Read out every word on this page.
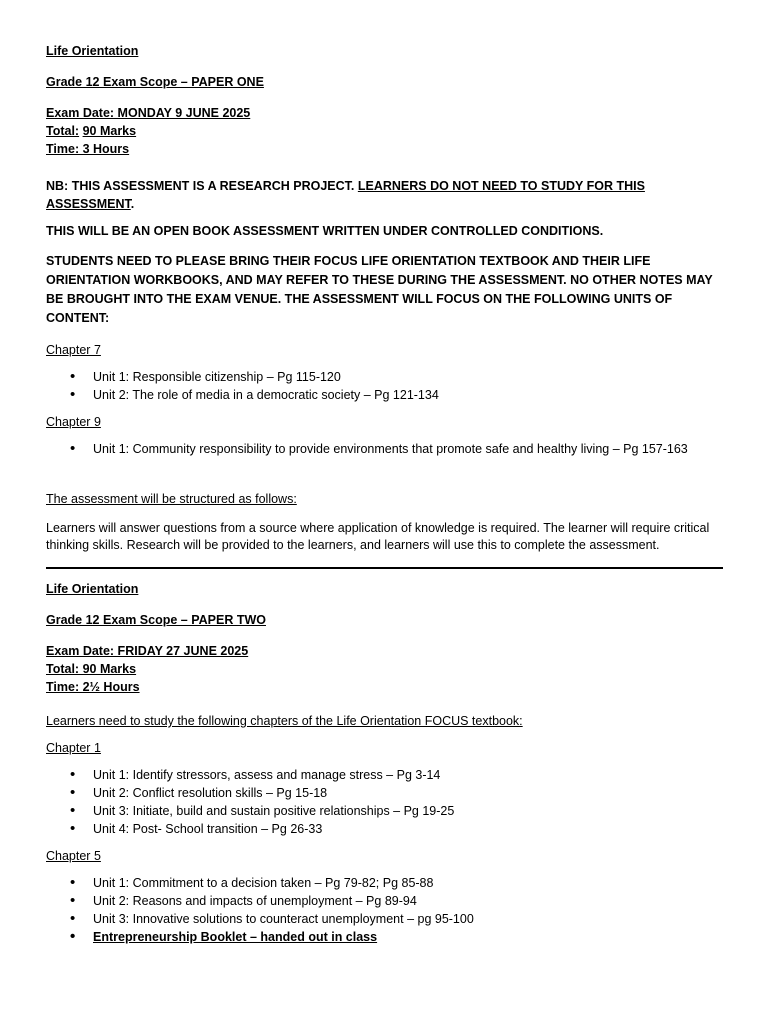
Life Orientation

Grade 12 Exam Scope – PAPER ONE

Exam Date: MONDAY 9 JUNE 2025

Total: 90 Marks

Time: 3 Hours

NB: THIS ASSESSMENT IS A RESEARCH PROJECT. LEARNERS DO NOT NEED TO STUDY FOR THIS ASSESSMENT.

THIS WILL BE AN OPEN BOOK ASSESSMENT WRITTEN UNDER CONTROLLED CONDITIONS.

STUDENTS NEED TO PLEASE BRING THEIR FOCUS LIFE ORIENTATION TEXTBOOK AND THEIR LIFE ORIENTATION WORKBOOKS, AND MAY REFER TO THESE DURING THE ASSESSMENT. NO OTHER NOTES MAY BE BROUGHT INTO THE EXAM VENUE. THE ASSESSMENT WILL FOCUS ON THE FOLLOWING UNITS OF CONTENT:

Chapter 7

• Unit 1: Responsible citizenship – Pg 115-120
• Unit 2: The role of media in a democratic society – Pg 121-134

Chapter 9

• Unit 1: Community responsibility to provide environments that promote safe and healthy living – Pg 157-163

The assessment will be structured as follows:

Learners will answer questions from a source where application of knowledge is required. The learner will require critical thinking skills. Research will be provided to the learners, and learners will use this to complete the assessment.

Life Orientation

Grade 12 Exam Scope – PAPER TWO

Exam Date: FRIDAY 27 JUNE 2025

Total: 90 Marks

Time: 2½ Hours

Learners need to study the following chapters of the Life Orientation FOCUS textbook:

Chapter 1

• Unit 1: Identify stressors, assess and manage stress – Pg 3-14
• Unit 2: Conflict resolution skills – Pg 15-18
• Unit 3: Initiate, build and sustain positive relationships – Pg 19-25
• Unit 4: Post- School transition – Pg 26-33

Chapter 5

• Unit 1: Commitment to a decision taken – Pg 79-82; Pg 85-88
• Unit 2: Reasons and impacts of unemployment – Pg 89-94
• Unit 3: Innovative solutions to counteract unemployment – pg 95-100
• Entrepreneurship Booklet – handed out in class
